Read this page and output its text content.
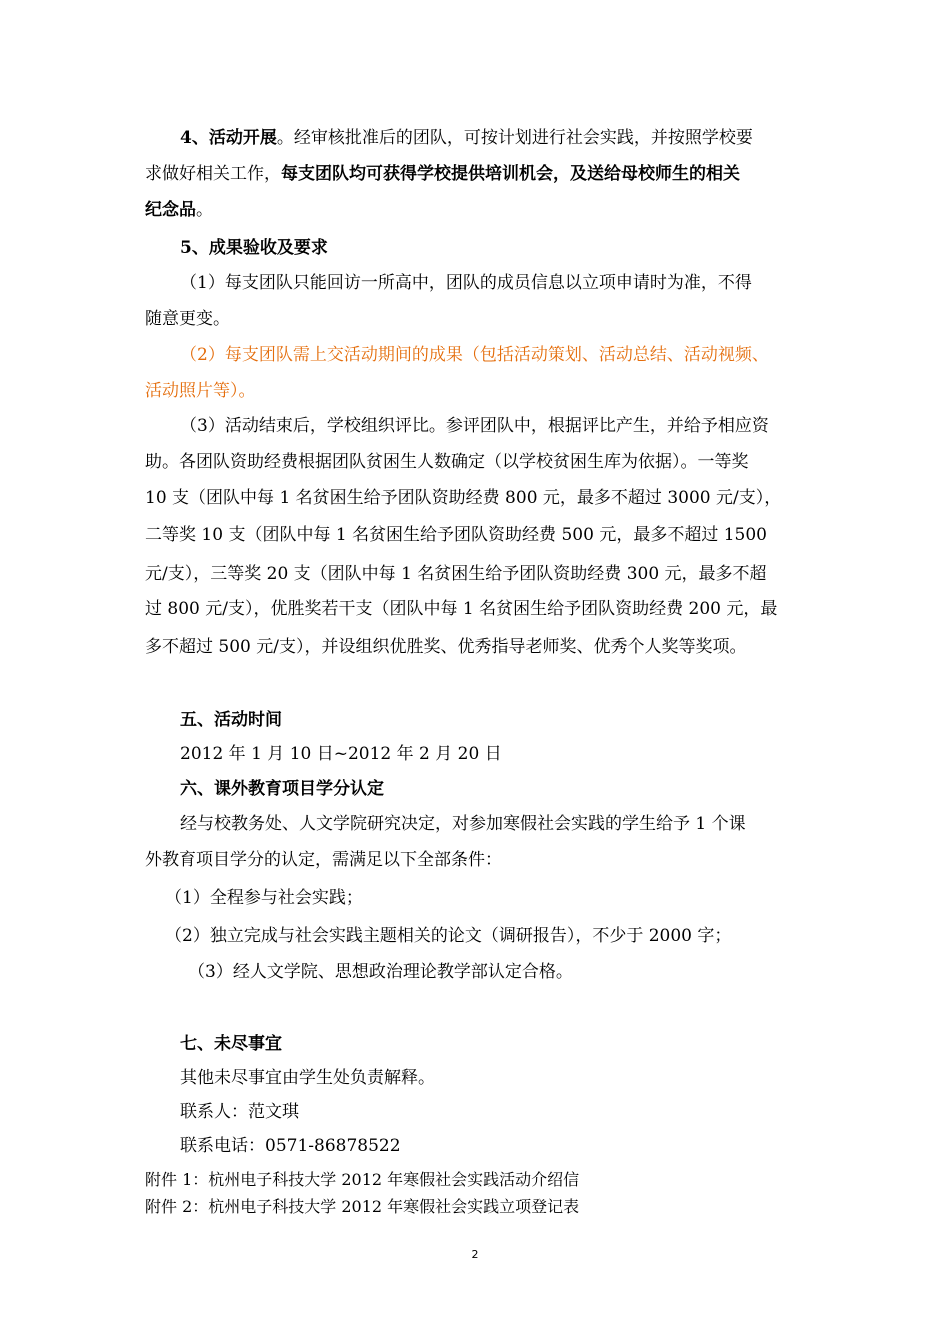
4、活动开展。经审核批准后的团队，可按计划进行社会实践，并按照学校要
求做好相关工作，每支团队均可获得学校提供培训机会，及送给母校师生的相关
纪念品。
5、成果验收及要求
（1）每支团队只能回访一所高中，团队的成员信息以立项申请时为准，不得
随意更变。
（2）每支团队需上交活动期间的成果（包括活动策划、活动总结、活动视频、
活动照片等）。
（3）活动结束后，学校组织评比。参评团队中，根据评比产生，并给予相应资
助。各团队资助经费根据团队贫困生人数确定（以学校贫困生库为依据）。一等奖
10 支（团队中每 1 名贫困生给予团队资助经费 800 元，最多不超过 3000 元/支），
二等奖 10 支（团队中每 1 名贫困生给予团队资助经费 500 元，最多不超过 1500
元/支），三等奖 20 支（团队中每 1 名贫困生给予团队资助经费 300 元，最多不超
过 800 元/支），优胜奖若干支（团队中每 1 名贫困生给予团队资助经费 200 元，最
多不超过 500 元/支），并设组织优胜奖、优秀指导老师奖、优秀个人奖等奖项。
五、活动时间
2012 年 1 月 10 日~2012 年 2 月 20 日
六、课外教育项目学分认定
经与校教务处、人文学院研究决定，对参加寒假社会实践的学生给予 1 个课
外教育项目学分的认定，需满足以下全部条件：
（1）全程参与社会实践；
（2）独立完成与社会实践主题相关的论文（调研报告），不少于 2000 字；
（3）经人文学院、思想政治理论教学部认定合格。
七、未尽事宜
其他未尽事宜由学生处负责解释。
联系人：范文琪
联系电话：0571-86878522
附件 1：杭州电子科技大学 2012 年寒假社会实践活动介绍信
附件 2：杭州电子科技大学 2012 年寒假社会实践立项登记表
2
